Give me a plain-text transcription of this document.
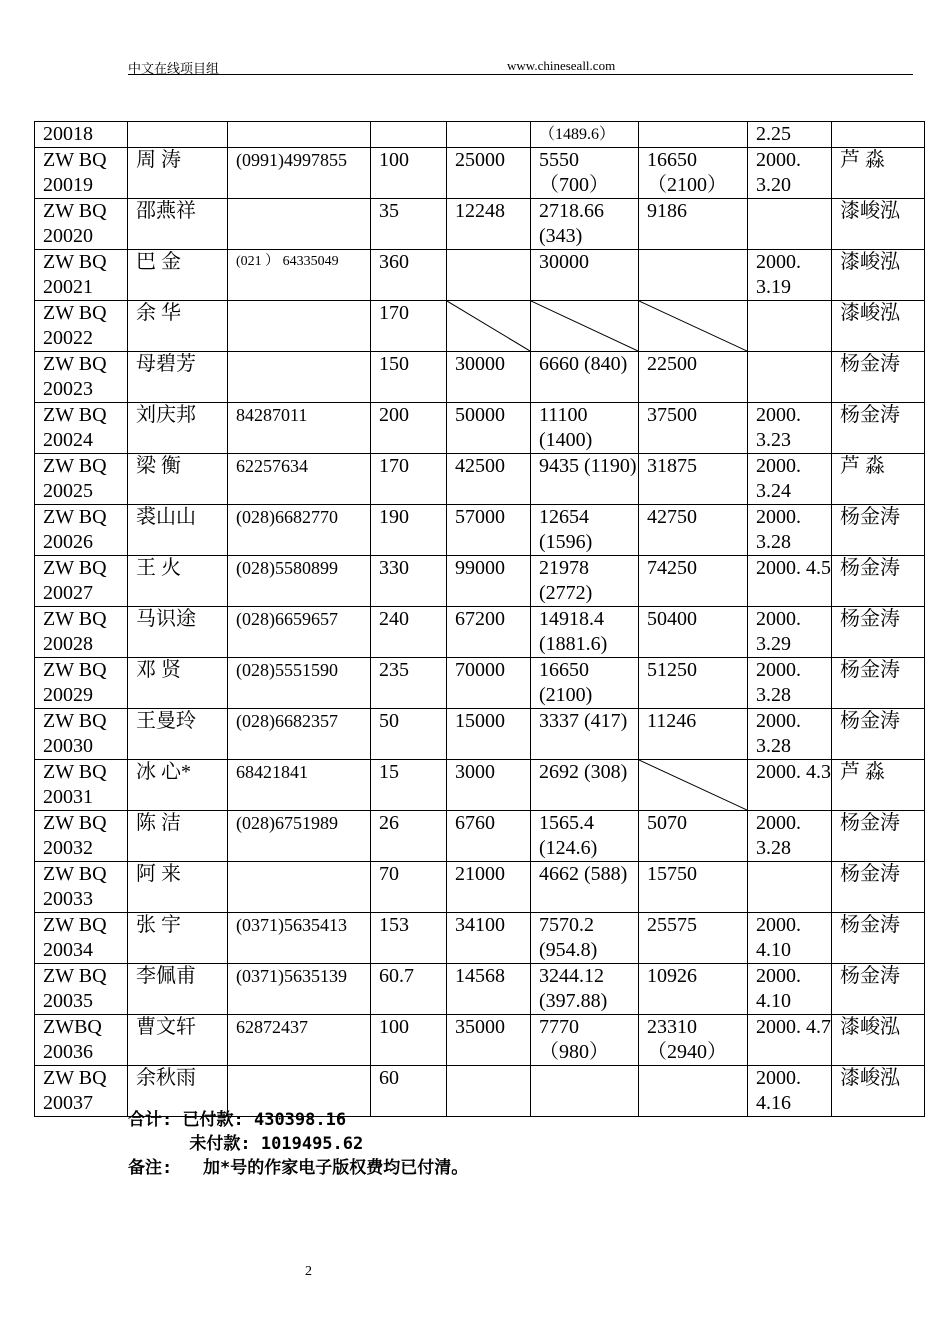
中文在线项目组	www.chineseall.com
20018					（1489.6）		2.25	

ZW BQ 20019	周 涛	(0991)4997855	100	25000	5550 （700）	16650 （2100）	2000. 3.20	芦 淼

ZW BQ 20020	邵燕祥		35	12248	2718.66 (343)	9186		漆峻泓

ZW BQ 20021	巴 金	(021 ） 64335049	360		30000		2000. 3.19	漆峻泓

ZW BQ 20022	余 华		170					漆峻泓

ZW BQ 20023	母碧芳		150	30000	6660 (840)	22500		杨金涛

ZW BQ 20024	刘庆邦	84287011	200	50000	11100 (1400)	37500	2000. 3.23	杨金涛

ZW BQ 20025	梁 衡	62257634	170	42500	9435 (1190)	31875	2000. 3.24	芦 淼

ZW BQ 20026	裘山山	(028)6682770	190	57000	12654 (1596)	42750	2000. 3.28	杨金涛

ZW BQ 20027	王 火	(028)5580899	330	99000	21978 (2772)	74250	2000. 4.5	杨金涛

ZW BQ 20028	马识途	(028)6659657	240	67200	14918.4 (1881.6)	50400	2000. 3.29	杨金涛

ZW BQ 20029	邓 贤	(028)5551590	235	70000	16650 (2100)	51250	2000. 3.28	杨金涛

ZW BQ 20030	王曼玲	(028)6682357	50	15000	3337 (417)	11246	2000. 3.28	杨金涛

ZW BQ 20031	冰 心*	68421841	15	3000	2692 (308)		2000. 4.3	芦 淼

ZW BQ 20032	陈 洁	(028)6751989	26	6760	1565.4 (124.6)	5070	2000. 3.28	杨金涛

ZW BQ 20033	阿 来		70	21000	4662 (588)	15750		杨金涛

ZW BQ 20034	张 宇	(0371)5635413	153	34100	7570.2 (954.8)	25575	2000. 4.10	杨金涛

ZW BQ 20035	李佩甫	(0371)5635139	60.7	14568	3244.12 (397.88)	10926	2000. 4.10	杨金涛

ZWBQ 20036	曹文轩	62872437	100	35000	7770 （980）	23310 （2940）	2000. 4.7	漆峻泓

ZW BQ 20037	余秋雨		60				2000. 4.16	漆峻泓
合计: 已付款: 430398.16
未付款: 1019495.62
备注: 加*号的作家电子版权费均已付清。
2
